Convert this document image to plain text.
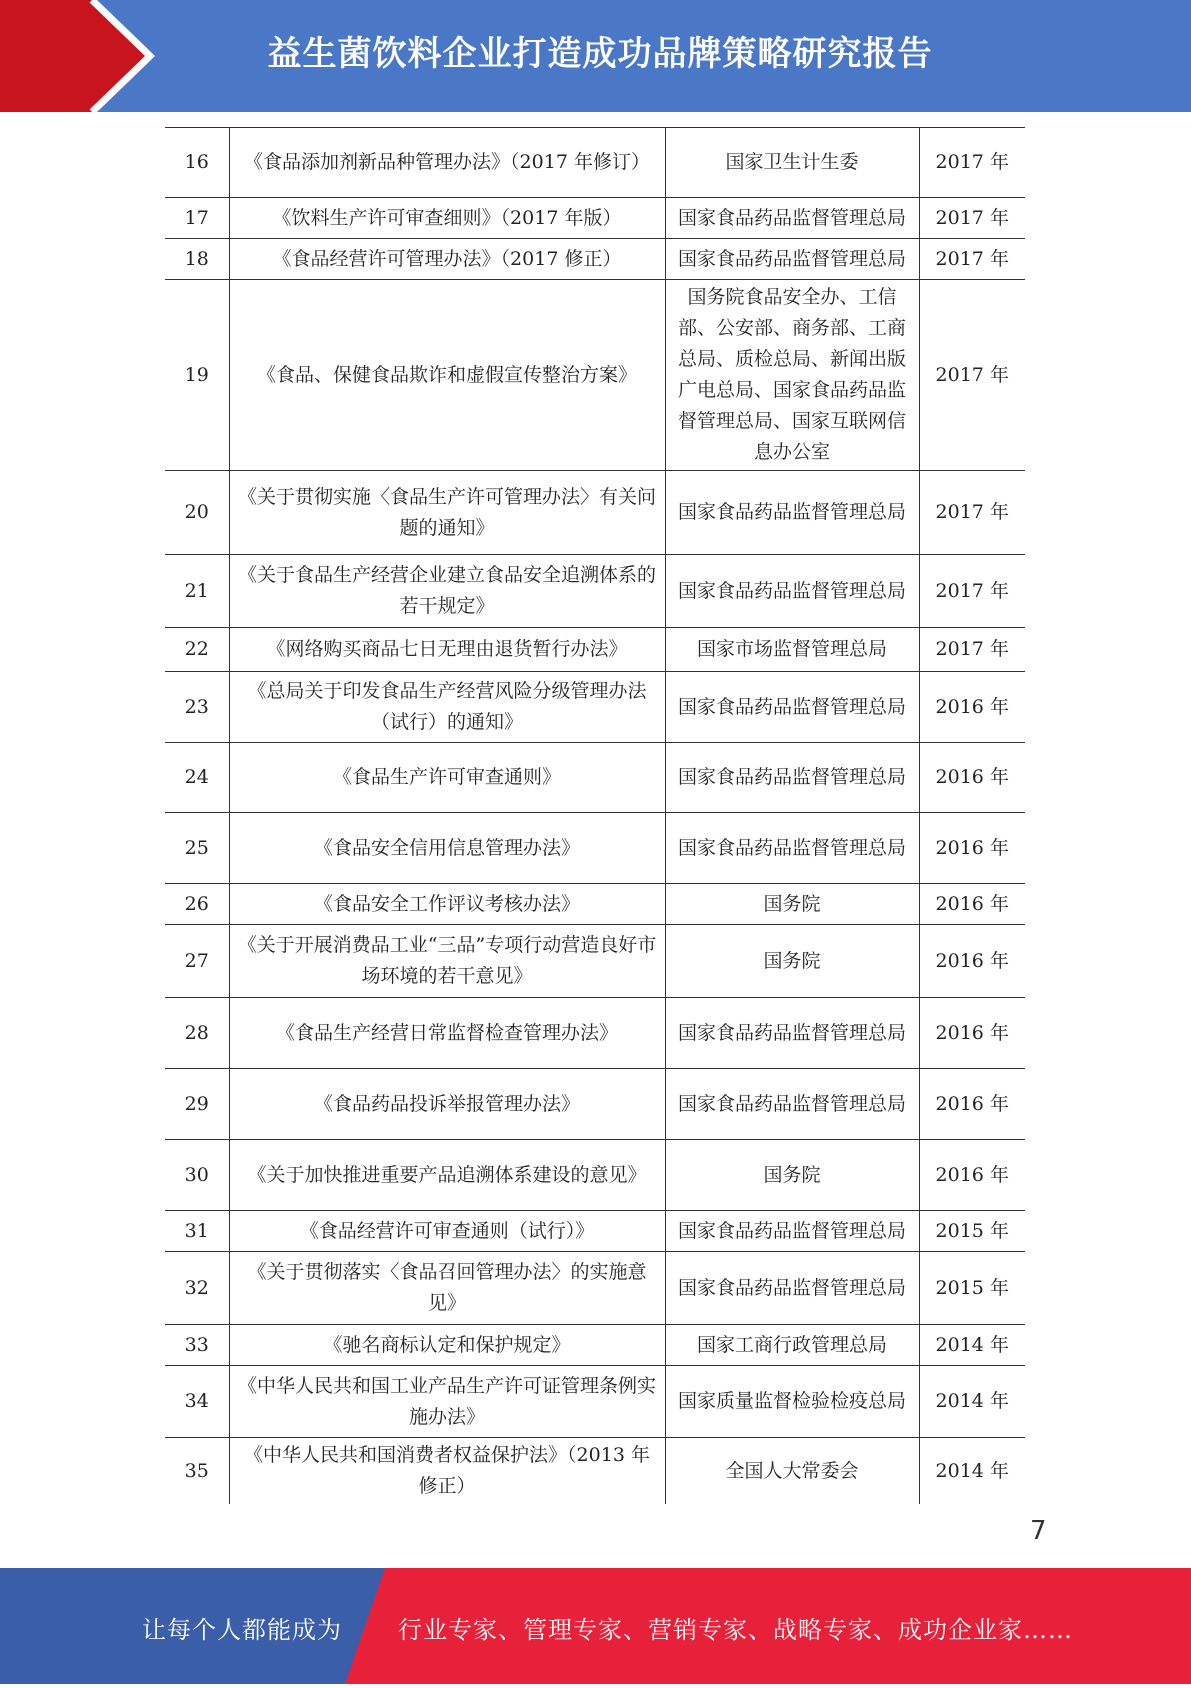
益生菌饮料企业打造成功品牌策略研究报告
16	《食品添加剂新品种管理办法》（2017 年修订）	国家卫生计生委	2017 年
17	《饮料生产许可审查细则》（2017 年版）	国家食品药品监督管理总局	2017 年
18	《食品经营许可管理办法》（2017 修正）	国家食品药品监督管理总局	2017 年
19	《食品、保健食品欺诈和虚假宣传整治方案》	国务院食品安全办、工信部、公安部、商务部、工商总局、质检总局、新闻出版广电总局、国家食品药品监督管理总局、国家互联网信息办公室	2017 年
20	《关于贯彻实施〈食品生产许可管理办法〉有关问题的通知》	国家食品药品监督管理总局	2017 年
21	《关于食品生产经营企业建立食品安全追溯体系的若干规定》	国家食品药品监督管理总局	2017 年
22	《网络购买商品七日无理由退货暂行办法》	国家市场监督管理总局	2017 年
23	《总局关于印发食品生产经营风险分级管理办法（试行）的通知》	国家食品药品监督管理总局	2016 年
24	《食品生产许可审查通则》	国家食品药品监督管理总局	2016 年
25	《食品安全信用信息管理办法》	国家食品药品监督管理总局	2016 年
26	《食品安全工作评议考核办法》	国务院	2016 年
27	《关于开展消费品工业“三品”专项行动营造良好市场环境的若干意见》	国务院	2016 年
28	《食品生产经营日常监督检查管理办法》	国家食品药品监督管理总局	2016 年
29	《食品药品投诉举报管理办法》	国家食品药品监督管理总局	2016 年
30	《关于加快推进重要产品追溯体系建设的意见》	国务院	2016 年
31	《食品经营许可审查通则（试行）》	国家食品药品监督管理总局	2015 年
32	《关于贯彻落实〈食品召回管理办法〉的实施意见》	国家食品药品监督管理总局	2015 年
33	《驰名商标认定和保护规定》	国家工商行政管理总局	2014 年
34	《中华人民共和国工业产品生产许可证管理条例实施办法》	国家质量监督检验检疫总局	2014 年
35	《中华人民共和国消费者权益保护法》（2013 年修正）	全国人大常委会	2014 年
7
让每个人都能成为 行业专家、管理专家、营销专家、战略专家、成功企业家……
